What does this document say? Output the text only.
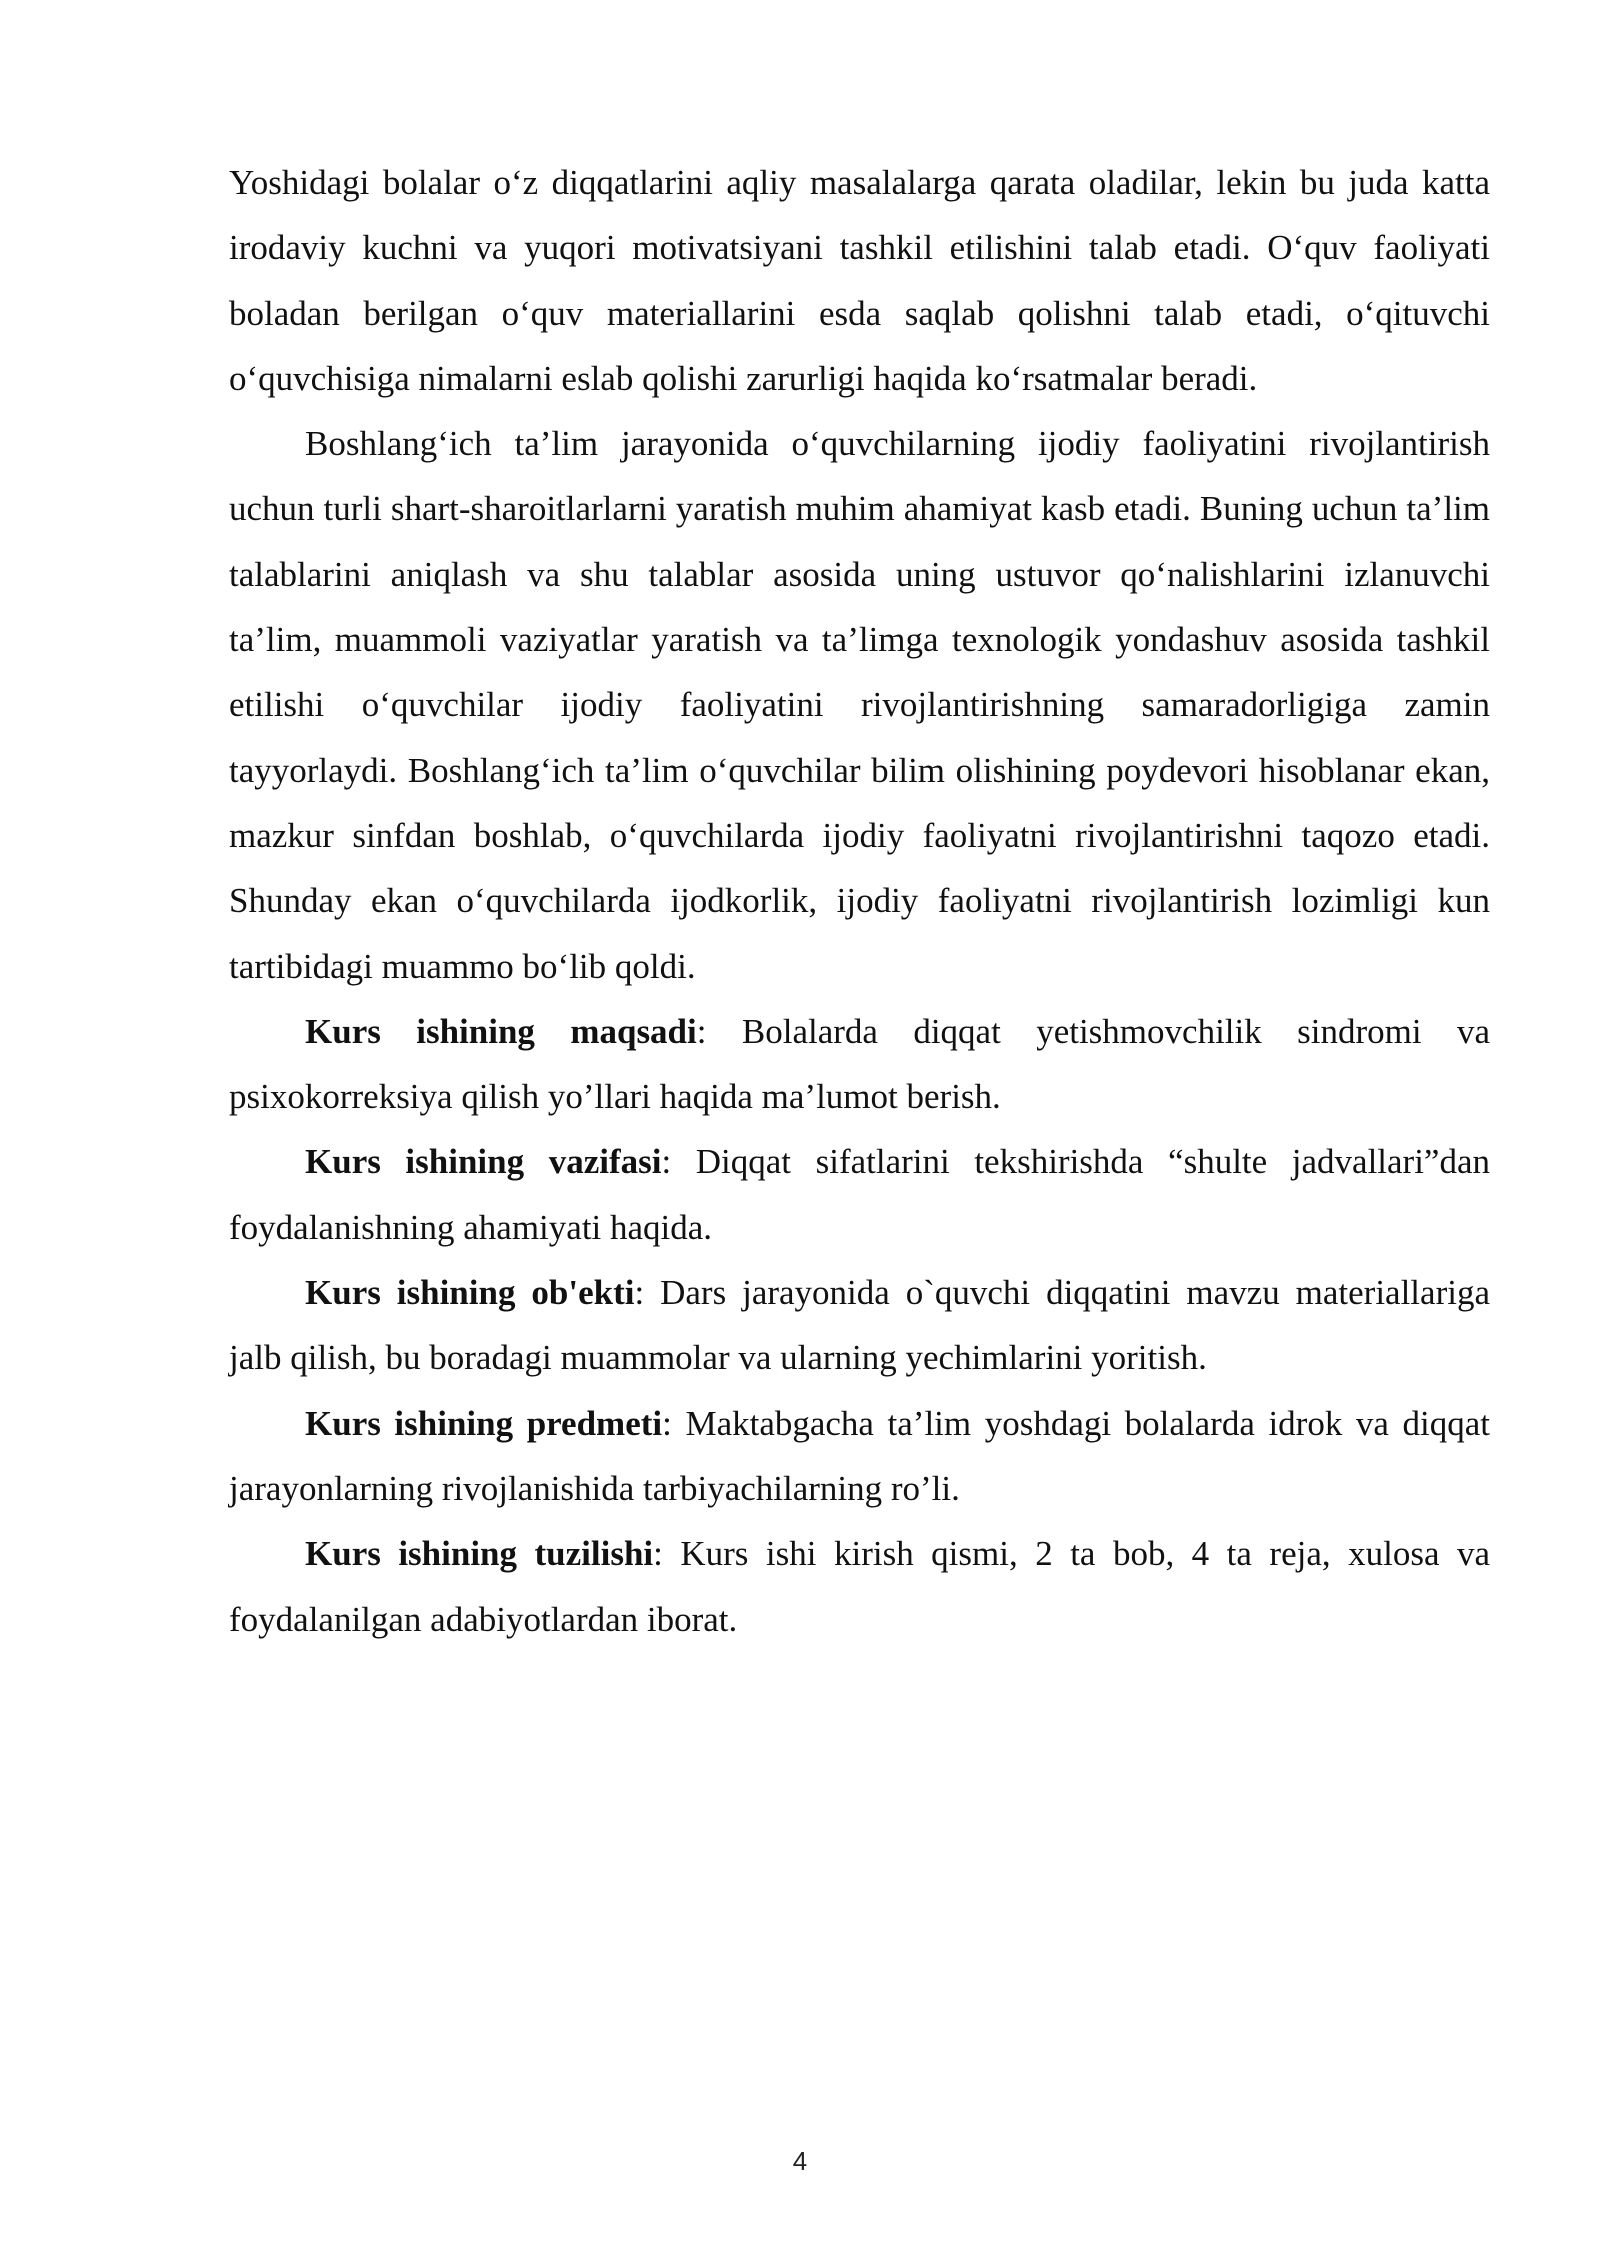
Yoshidagi bolalar o‘z diqqatlarini aqliy masalalarga qarata oladilar, lekin bu juda katta irodaviy kuchni va yuqori motivatsiyani tashkil etilishini talab etadi. O‘quv faoliyati boladan berilgan o‘quv materiallarini esda saqlab qolishni talab etadi, o‘qituvchi o‘quvchisiga nimalarni eslab qolishi zarurligi haqida ko‘rsatmalar beradi.

Boshlang‘ich ta’lim jarayonida o‘quvchilarning ijodiy faoliyatini rivojlantirish uchun turli shart-sharoitlarlarni yaratish muhim ahamiyat kasb etadi. Buning uchun ta’lim talablarini aniqlash va shu talablar asosida uning ustuvor qo‘nalishlarini izlanuvchi ta’lim, muammoli vaziyatlar yaratish va ta’limga texnologik yondashuv asosida tashkil etilishi o‘quvchilar ijodiy faoliyatini rivojlantirishning samaradorligiga zamin tayyorlaydi. Boshlang‘ich ta’lim o‘quvchilar bilim olishining poydevori hisoblanar ekan, mazkur sinfdan boshlab, o‘quvchilarda ijodiy faoliyatni rivojlantirishni taqozo etadi. Shunday ekan o‘quvchilarda ijodkorlik, ijodiy faoliyatni rivojlantirish lozimligi kun tartibidagi muammo bo‘lib qoldi.

Kurs ishining maqsadi: Bolalarda diqqat yetishmovchilik sindromi va psixokorreksiya qilish yo’llari haqida ma’lumot berish.

Kurs ishining vazifasi: Diqqat sifatlarini tekshirishda “shulte jadvallari”dan foydalanishning ahamiyati haqida.

Kurs ishining ob'ekti: Dars jarayonida o`quvchi diqqatini mavzu materiallariga jalb qilish, bu boradagi muammolar va ularning yechimlarini yoritish.

Kurs ishining predmeti: Maktabgacha ta’lim yoshdagi bolalarda idrok va diqqat jarayonlarning rivojlanishida tarbiyachilarning ro’li.

Kurs ishining tuzilishi: Kurs ishi kirish qismi, 2 ta bob, 4 ta reja, xulosa va foydalanilgan adabiyotlardan iborat.

4
